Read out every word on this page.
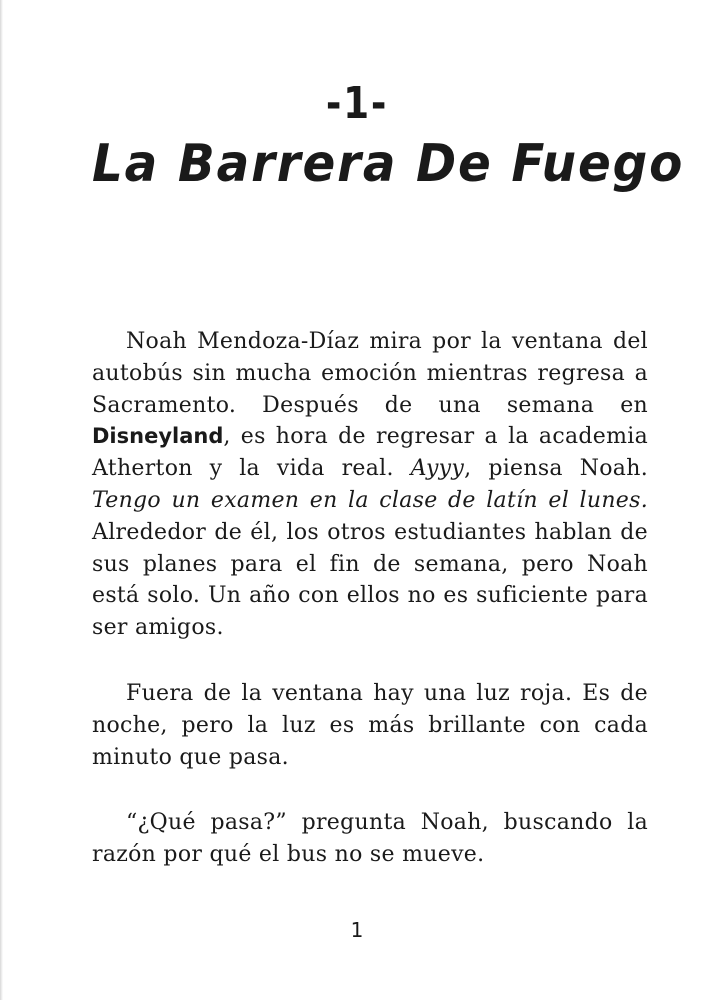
-1-
La Barrera De Fuego

Noah Mendoza-Díaz mira por la ventana del autobús sin mucha emoción mientras regresa a Sacramento. Después de una semana en Disneyland, es hora de regresar a la academia Atherton y la vida real. Ayyy, piensa Noah. Tengo un examen en la clase de latín el lunes. Alrededor de él, los otros estudiantes hablan de sus planes para el fin de semana, pero Noah está solo. Un año con ellos no es suficiente para ser amigos.

Fuera de la ventana hay una luz roja. Es de noche, pero la luz es más brillante con cada minuto que pasa.

“¿Qué pasa?” pregunta Noah, buscando la razón por qué el bus no se mueve.

1
